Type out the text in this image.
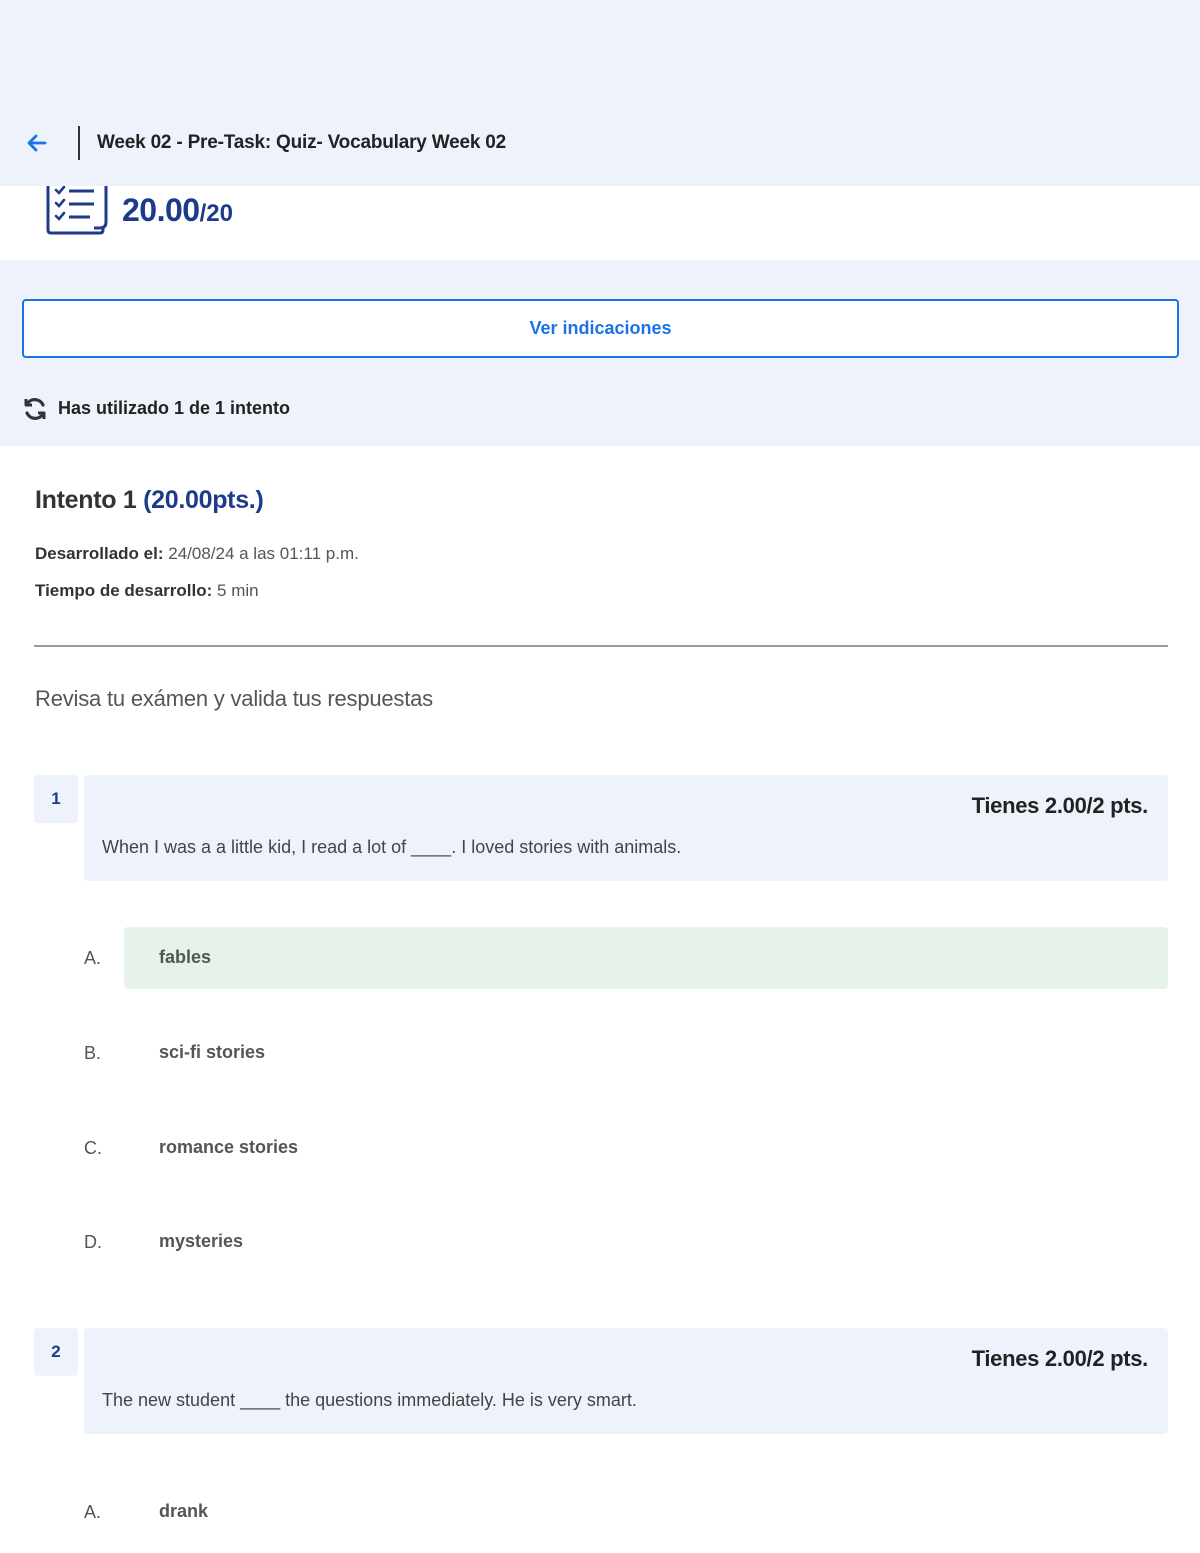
Week 02 - Pre-Task: Quiz- Vocabulary Week 02
20.00/20
Ver indicaciones
Has utilizado 1 de 1 intento
Intento 1 (20.00pts.)
Desarrollado el: 24/08/24 a las 01:11 p.m.
Tiempo de desarrollo: 5 min
Revisa tu exámen y valida tus respuestas
1	Tienes 2.00/2 pts.
When I was a a little kid, I read a lot of ____. I loved stories with animals.
A.	fables
B.	sci-fi stories
C.	romance stories
D.	mysteries
2	Tienes 2.00/2 pts.
The new student ____ the questions immediately. He is very smart.
A.	drank
